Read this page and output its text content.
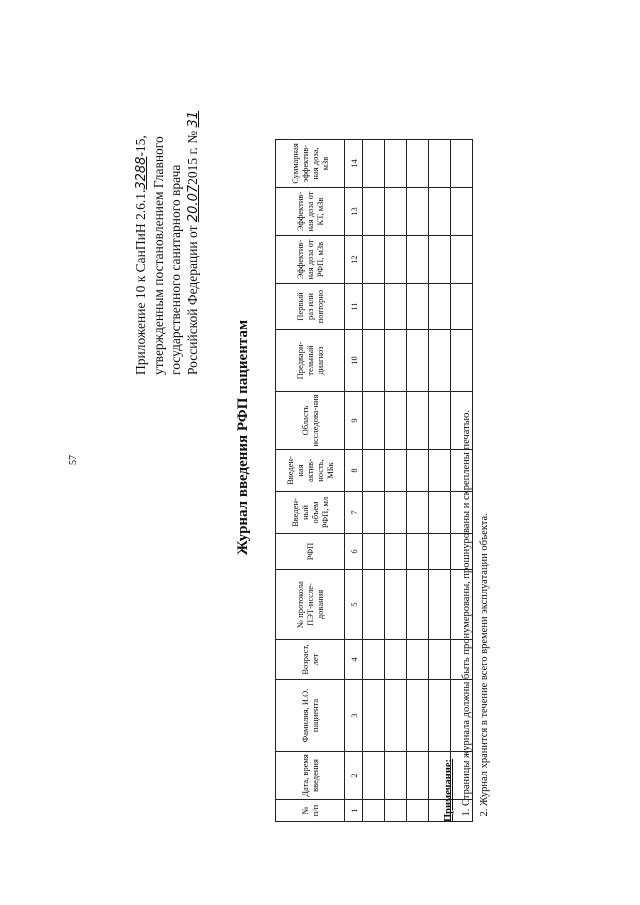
57
Приложение 10 к СанПиН 2.6.1.3288-15, утвержденным постановлением Главного государственного санитарного врача Российской Федерации от 20.072015 г. № 31
Журнал введения РФП пациентам
№ п/п	Дата, время введения	Фамилия, И.О. пациента	Возраст, лет	№ протокола ПЭТ-иссле-дования	РФП	Введен-ный объем РФП, мл	Введен-ная актив-ность, МБк	Область исследова-ния	Предвари-тельный диагноз	Первый раз или повторно	Эффектив-ная доза от РФП, мЗв	Эффектив-ная доза от КТ, мЗв	Суммарная эффектив-ная доза, мЗв
1	2	3	4	5	6	7	8	9	10	11	12	13	14

Примечание: 1. Страницы журнала должны быть пронумерованы, прошнурованы и скреплены печатью. 2. Журнал хранится в течение всего времени эксплуатации объекта.
